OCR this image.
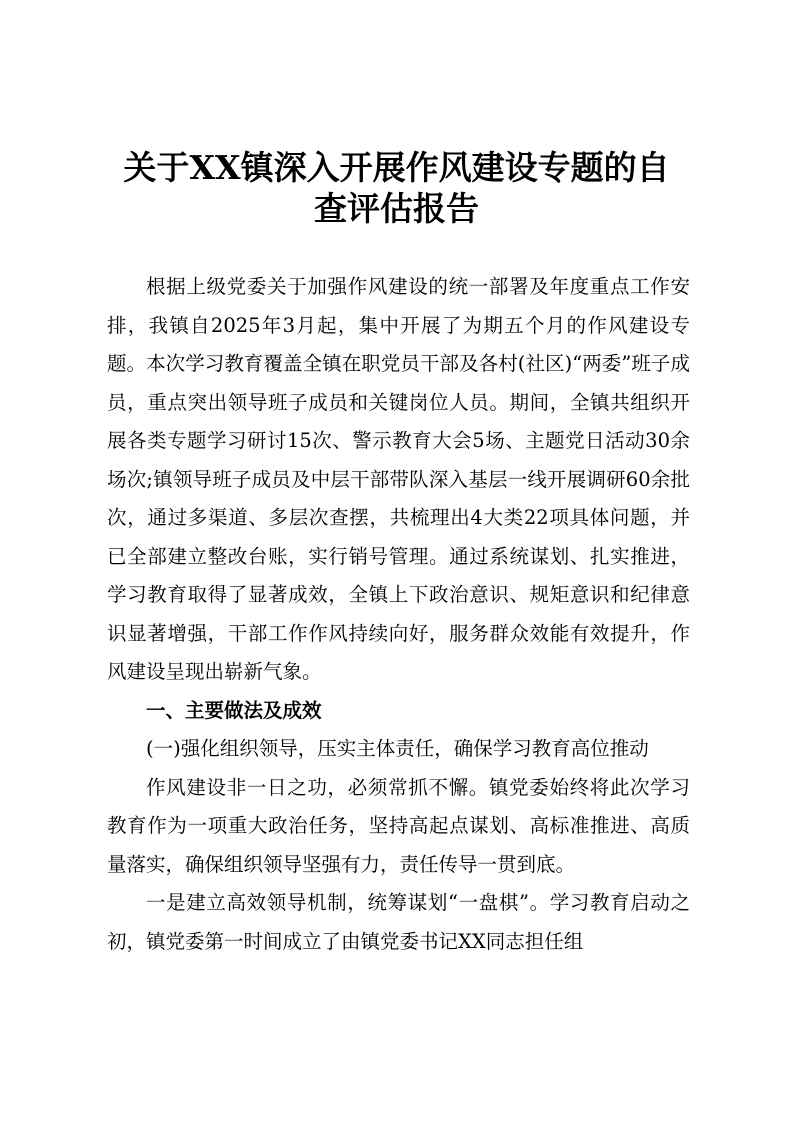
关于XX镇深入开展作风建设专题的自
查评估报告

根据上级党委关于加强作风建设的统一部署及年度重点工作安排，我镇自2025年3月起，集中开展了为期五个月的作风建设专题。本次学习教育覆盖全镇在职党员干部及各村(社区)“两委”班子成员，重点突出领导班子成员和关键岗位人员。期间，全镇共组织开展各类专题学习研讨15次、警示教育大会5场、主题党日活动30余场次;镇领导班子成员及中层干部带队深入基层一线开展调研60余批次，通过多渠道、多层次查摆，共梳理出4大类22项具体问题，并已全部建立整改台账，实行销号管理。通过系统谋划、扎实推进，学习教育取得了显著成效，全镇上下政治意识、规矩意识和纪律意识显著增强，干部工作作风持续向好，服务群众效能有效提升，作风建设呈现出崭新气象。

一、主要做法及成效

(一)强化组织领导，压实主体责任，确保学习教育高位推动

作风建设非一日之功，必须常抓不懈。镇党委始终将此次学习教育作为一项重大政治任务，坚持高起点谋划、高标准推进、高质量落实，确保组织领导坚强有力，责任传导一贯到底。

一是建立高效领导机制，统筹谋划“一盘棋”。学习教育启动之初，镇党委第一时间成立了由镇党委书记XX同志担任组
